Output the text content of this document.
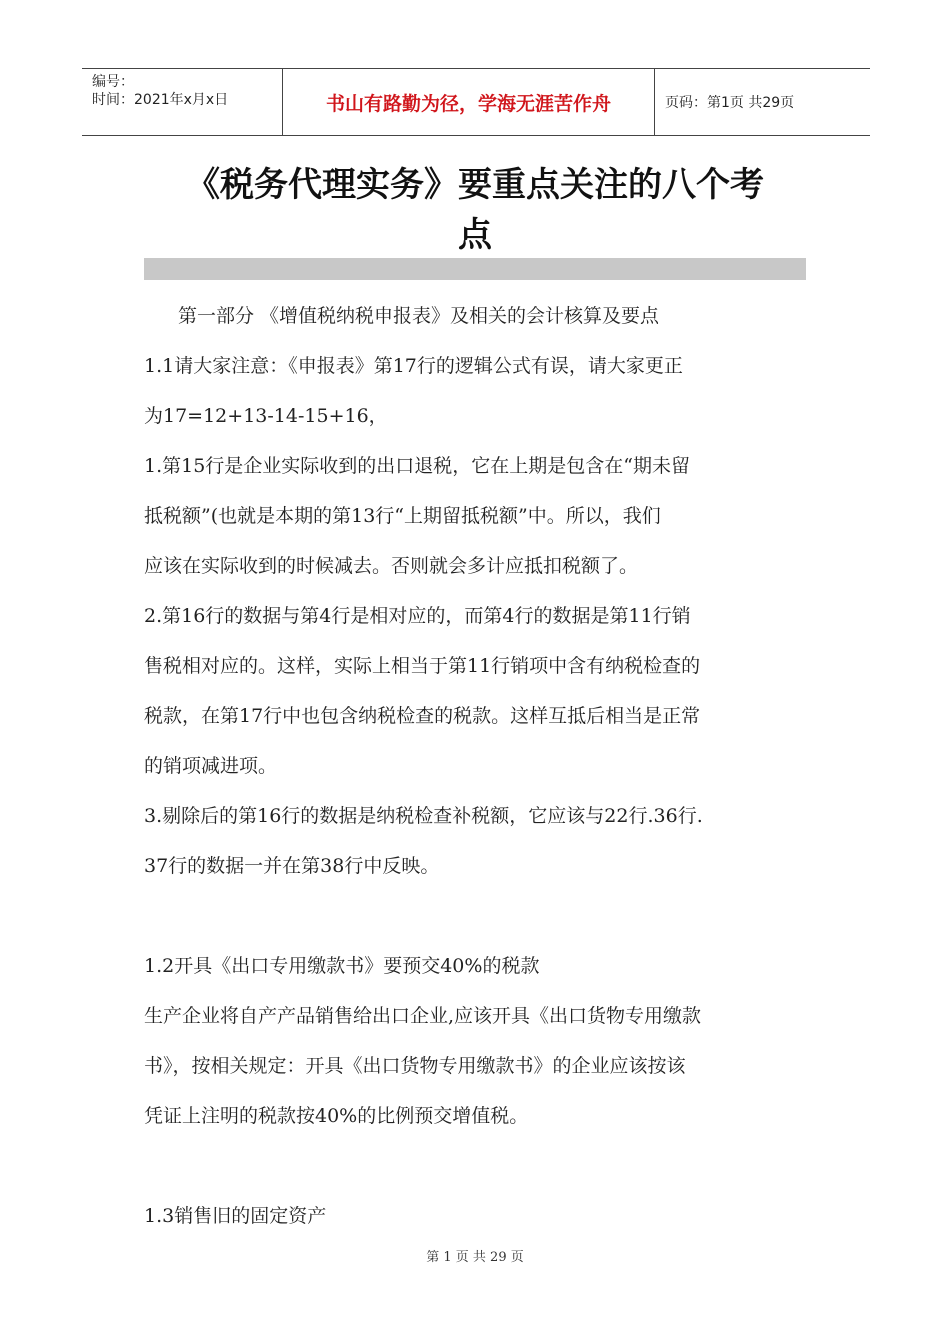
编号：
时间：2021年x月x日	书山有路勤为径，学海无涯苦作舟	页码：第1页 共29页
《税务代理实务》要重点关注的八个考
点
第一部分 《增值税纳税申报表》及相关的会计核算及要点
1.1请大家注意：《申报表》第17行的逻辑公式有误，请大家更正
为17=12+13-14-15+16，
1.第15行是企业实际收到的出口退税，它在上期是包含在“期未留
抵税额”(也就是本期的第13行“上期留抵税额”中。所以，我们
应该在实际收到的时候减去。否则就会多计应抵扣税额了。
2.第16行的数据与第4行是相对应的，而第4行的数据是第11行销
售税相对应的。这样，实际上相当于第11行销项中含有纳税检查的
税款，在第17行中也包含纳税检查的税款。这样互抵后相当是正常
的销项减进项。
3.剔除后的第16行的数据是纳税检查补税额，它应该与22行.36行.
37行的数据一并在第38行中反映。
1.2开具《出口专用缴款书》要预交40%的税款
生产企业将自产产品销售给出口企业,应该开具《出口货物专用缴款
书》，按相关规定：开具《出口货物专用缴款书》的企业应该按该
凭证上注明的税款按40%的比例预交增值税。
1.3销售旧的固定资产
第 1 页 共 29 页
